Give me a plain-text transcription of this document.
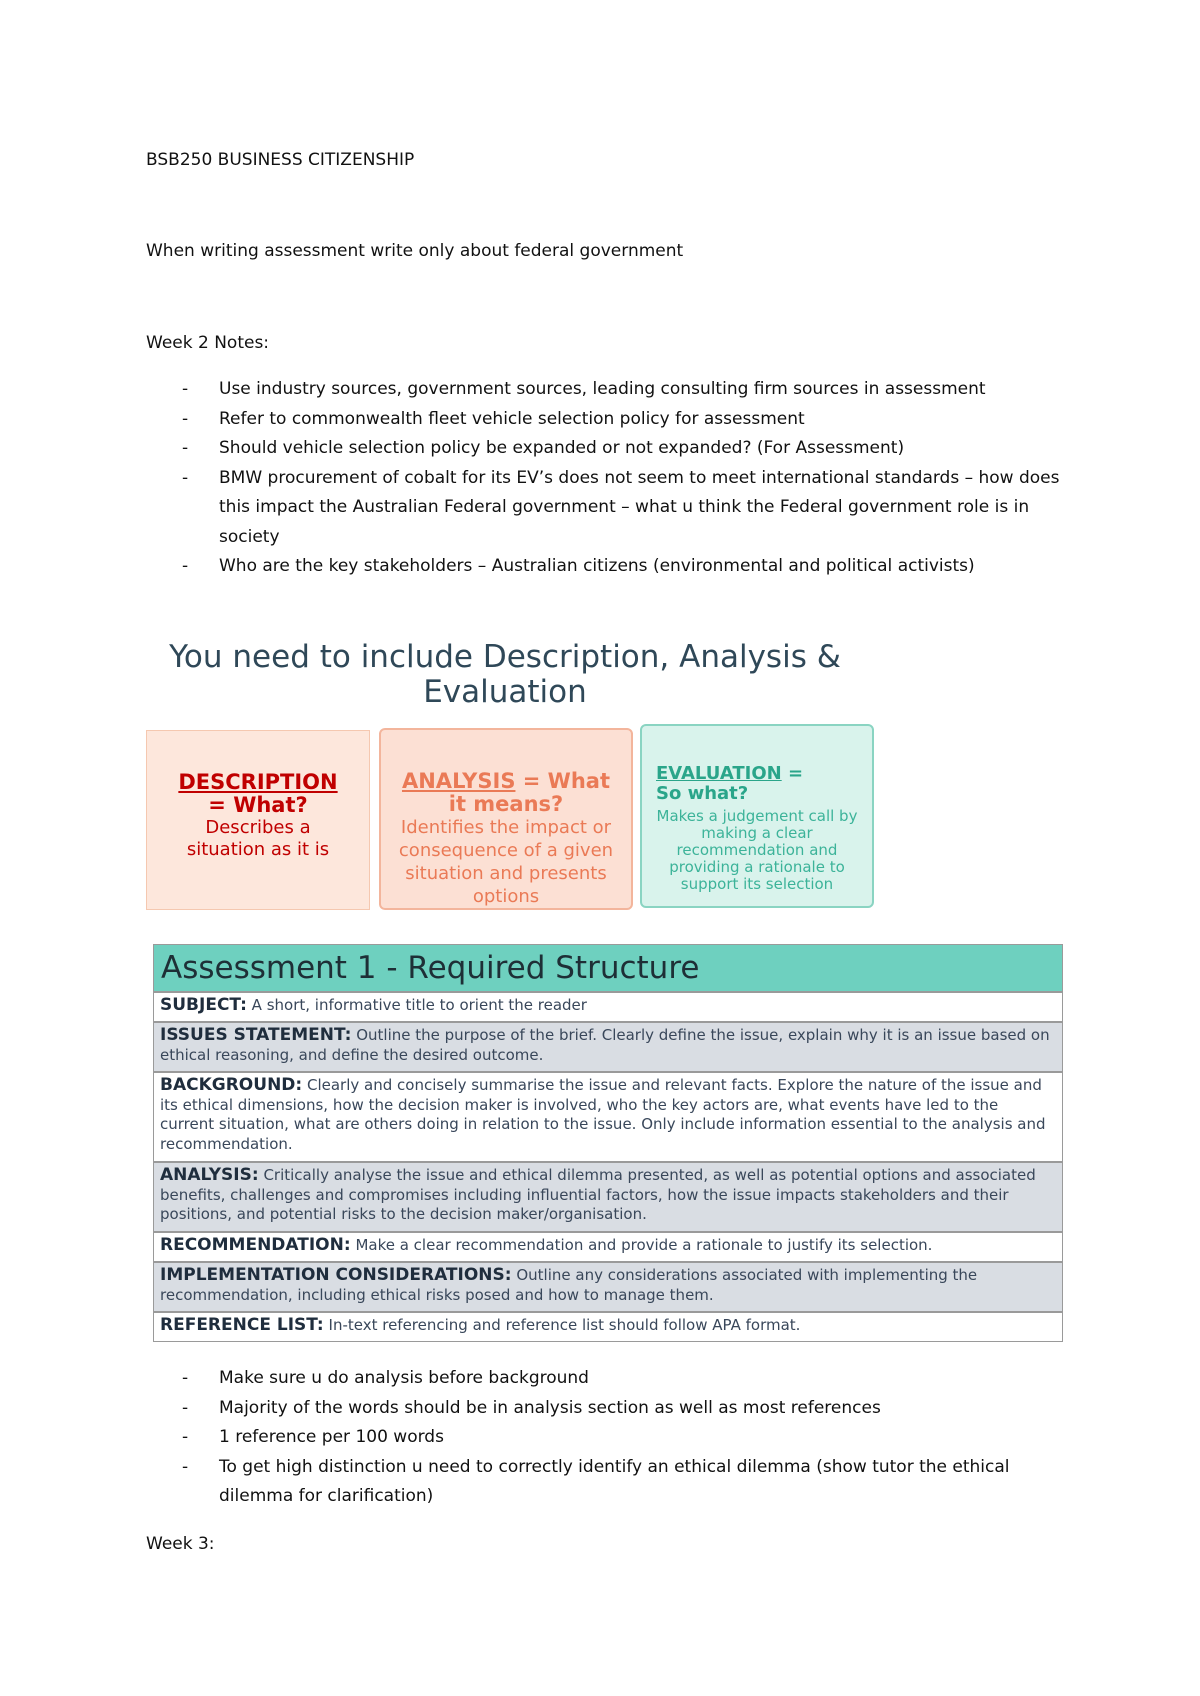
BSB250 BUSINESS CITIZENSHIP
When writing assessment write only about federal government
Week 2 Notes:
- Use industry sources, government sources, leading consulting firm sources in assessment
- Refer to commonwealth fleet vehicle selection policy for assessment
- Should vehicle selection policy be expanded or not expanded? (For Assessment)
- BMW procurement of cobalt for its EV’s does not seem to meet international standards – how does this impact the Australian Federal government – what u think the Federal government role is in society
- Who are the key stakeholders – Australian citizens (environmental and political activists)
You need to include Description, Analysis &
Evaluation
DESCRIPTION
= What?
Describes a situation as it is
ANALYSIS = What it means?
Identifies the impact or consequence of a given situation and presents options
EVALUATION = So what?
Makes a judgement call by making a clear recommendation and providing a rationale to support its selection
Assessment 1 - Required Structure
SUBJECT: A short, informative title to orient the reader
ISSUES STATEMENT: Outline the purpose of the brief. Clearly define the issue, explain why it is an issue based on ethical reasoning, and define the desired outcome.
BACKGROUND: Clearly and concisely summarise the issue and relevant facts. Explore the nature of the issue and its ethical dimensions, how the decision maker is involved, who the key actors are, what events have led to the current situation, what are others doing in relation to the issue. Only include information essential to the analysis and recommendation.
ANALYSIS: Critically analyse the issue and ethical dilemma presented, as well as potential options and associated benefits, challenges and compromises including influential factors, how the issue impacts stakeholders and their positions, and potential risks to the decision maker/organisation.
RECOMMENDATION: Make a clear recommendation and provide a rationale to justify its selection.
IMPLEMENTATION CONSIDERATIONS: Outline any considerations associated with implementing the recommendation, including ethical risks posed and how to manage them.
REFERENCE LIST: In-text referencing and reference list should follow APA format.
- Make sure u do analysis before background
- Majority of the words should be in analysis section as well as most references
- 1 reference per 100 words
- To get high distinction u need to correctly identify an ethical dilemma (show tutor the ethical dilemma for clarification)
Week 3:
